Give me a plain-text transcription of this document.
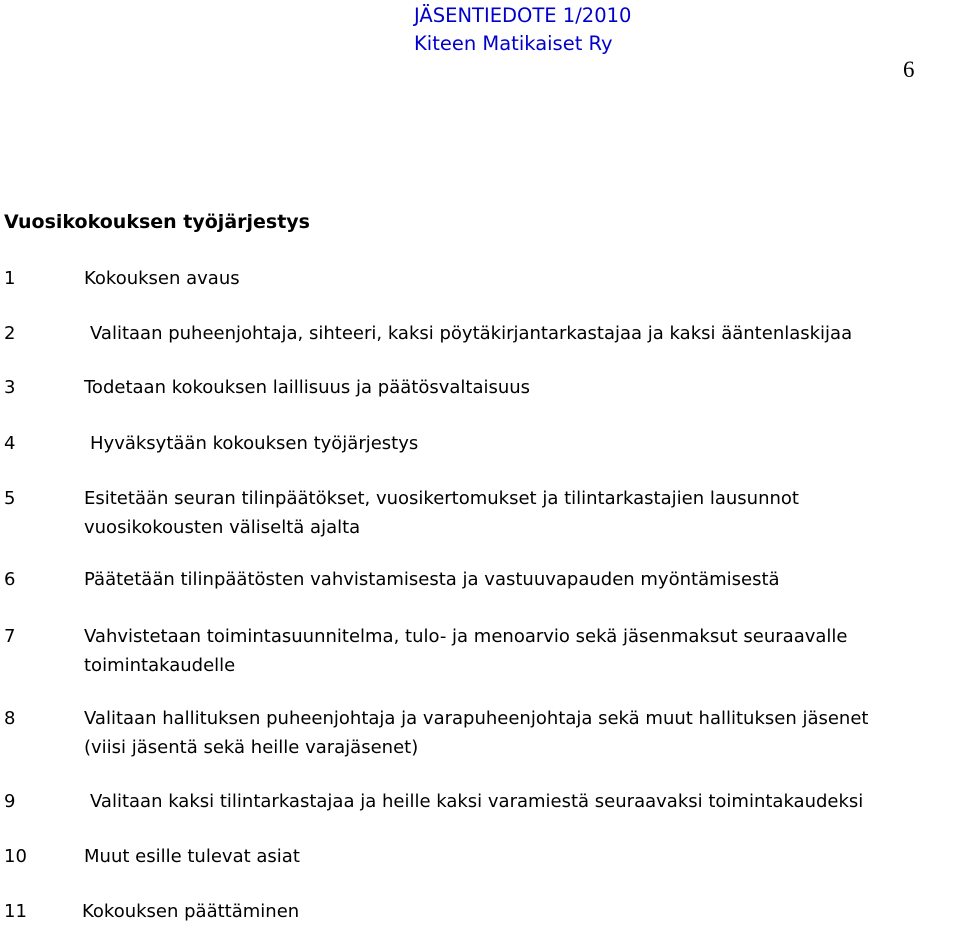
JÄSENTIEDOTE 1/2010
Kiteen Matikaiset Ry
6
Vuosikokouksen työjärjestys
1	Kokouksen avaus
2	Valitaan puheenjohtaja, sihteeri, kaksi pöytäkirjantarkastajaa ja kaksi ääntenlaskijaa
3	Todetaan kokouksen laillisuus ja päätösvaltaisuus
4	Hyväksytään kokouksen työjärjestys
5	Esitetään seuran tilinpäätökset, vuosikertomukset ja tilintarkastajien lausunnot
vuosikokousten väliseltä ajalta
6	Päätetään tilinpäätösten vahvistamisesta ja vastuuvapauden myöntämisestä
7	Vahvistetaan toimintasuunnitelma, tulo- ja menoarvio sekä jäsenmaksut seuraavalle
toimintakaudelle
8	Valitaan hallituksen puheenjohtaja ja varapuheenjohtaja sekä muut hallituksen jäsenet
(viisi jäsentä sekä heille varajäsenet)
9	Valitaan kaksi tilintarkastajaa ja heille kaksi varamiestä seuraavaksi toimintakaudeksi
10	Muut esille tulevat asiat
11	Kokouksen päättäminen
